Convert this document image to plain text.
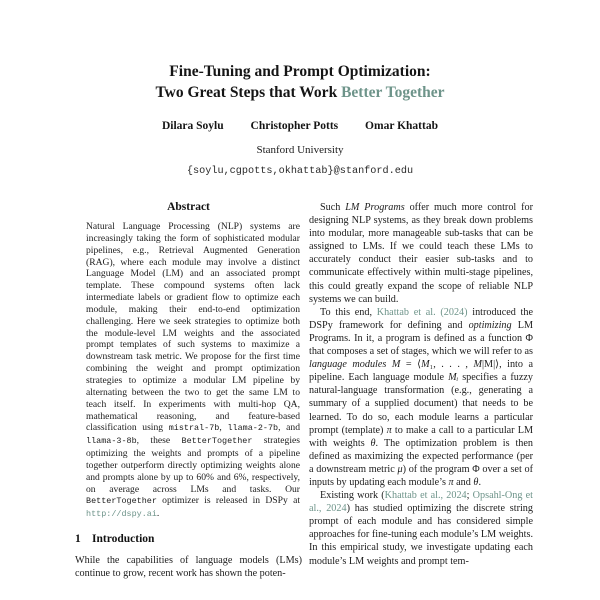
Fine-Tuning and Prompt Optimization:
Two Great Steps that Work Better Together
Dilara Soylu Christopher Potts Omar Khattab
Stanford University
{soylu,cgpotts,okhattab}@stanford.edu
Abstract

Natural Language Processing (NLP) systems are increasingly taking the form of sophisticated modular pipelines, e.g., Retrieval Augmented Generation (RAG), where each module may involve a distinct Language Model (LM) and an associated prompt template. These compound systems often lack intermediate labels or gradient flow to optimize each module, making their end-to-end optimization challenging. Here we seek strategies to optimize both the module-level LM weights and the associated prompt templates of such systems to maximize a downstream task metric. We propose for the first time combining the weight and prompt optimization strategies to optimize a modular LM pipeline by alternating between the two to get the same LM to teach itself. In experiments with multi-hop QA, mathematical reasoning, and feature-based classification using mistral-7b, llama-2-7b, and llama-3-8b, these BetterTogether strategies optimizing the weights and prompts of a pipeline together outperform directly optimizing weights alone and prompts alone by up to 60% and 6%, respectively, on average across LMs and tasks. Our BetterTogether optimizer is released in DSPy at http://dspy.ai.

1 Introduction

While the capabilities of language models (LMs) continue to grow, recent work has shown the poten-

Such LM Programs offer much more control for designing NLP systems, as they break down problems into modular, more manageable sub-tasks that can be assigned to LMs. If we could teach these LMs to accurately conduct their easier sub-tasks and to communicate effectively within multi-stage pipelines, this could greatly expand the scope of reliable NLP systems we can build.

To this end, Khattab et al. (2024) introduced the DSPy framework for defining and optimizing LM Programs. In it, a program is defined as a function Φ that composes a set of stages, which we will refer to as language modules M = ⟨M₁, . . . , M|M|⟩, into a pipeline. Each language module Mᵢ specifies a fuzzy natural-language transformation (e.g., generating a summary of a supplied document) that needs to be learned. To do so, each module learns a particular prompt (template) π to make a call to a particular LM with weights θ. The optimization problem is then defined as maximizing the expected performance (per a downstream metric μ) of the program Φ over a set of inputs by updating each module’s π and θ.

Existing work (Khattab et al., 2024; Opsahl-Ong et al., 2024) has studied optimizing the discrete string prompt of each module and has considered simple approaches for fine-tuning each module’s LM weights. In this empirical study, we investigate updating each module’s LM weights and prompt tem-
